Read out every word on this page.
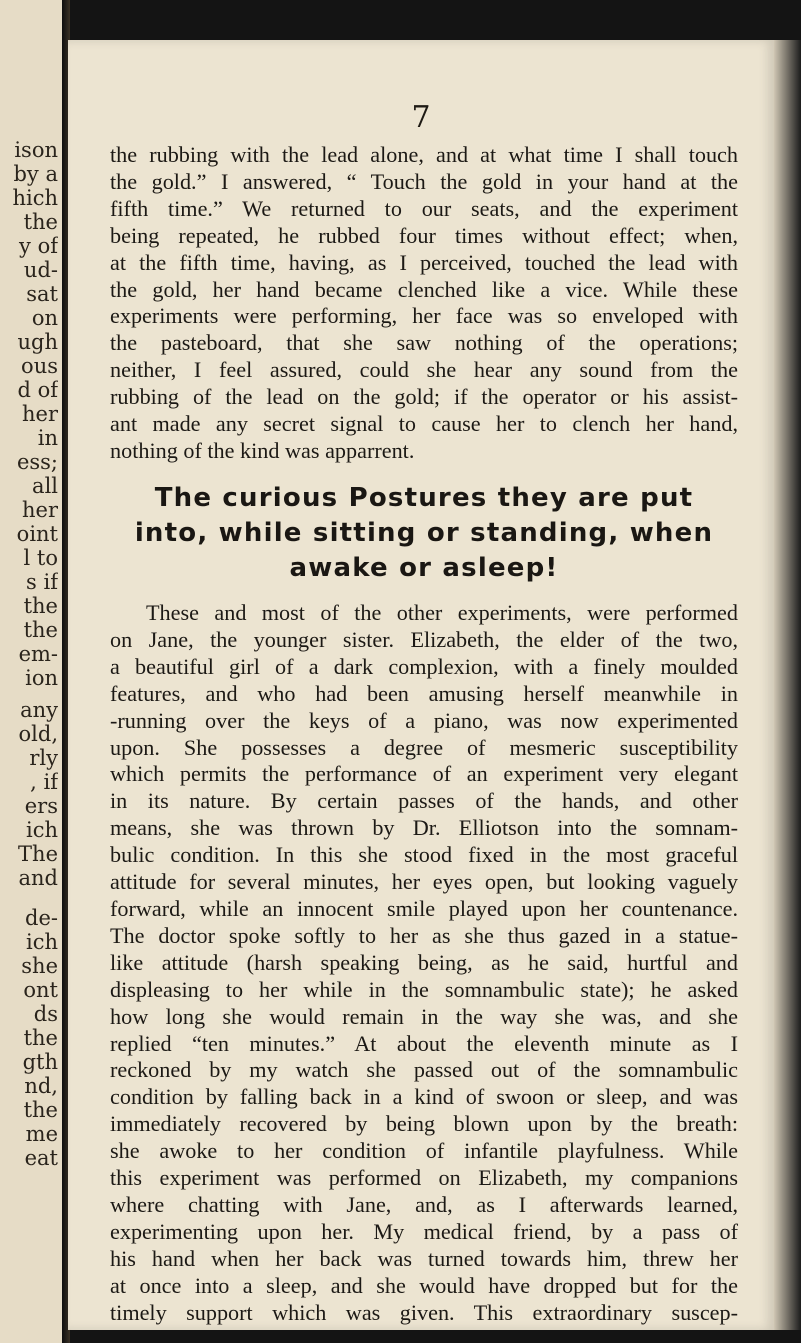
ison
by a
hich
the
y of
ud-
sat
on
ugh
ous
d of
her
in
ess;
all
her
oint
l to
s if
the
the
em-
ion
any
old,
rly
, if
ers
ich
The
and
de-
ich
she
ont
ds
the
gth
nd,
the
me
eat
7
the rubbing with the lead alone, and at what time I shall touch
the gold.” I answered, “ Touch the gold in your hand at the
fifth time.” We returned to our seats, and the experiment
being repeated, he rubbed four times without effect; when,
at the fifth time, having, as I perceived, touched the lead with
the gold, her hand became clenched like a vice. While these
experiments were performing, her face was so enveloped with
the pasteboard, that she saw nothing of the operations;
neither, I feel assured, could she hear any sound from the
rubbing of the lead on the gold; if the operator or his assist-
ant made any secret signal to cause her to clench her hand,
nothing of the kind was apparrent.
The curious Postures they are put
into, while sitting or standing, when
awake or asleep!
These and most of the other experiments, were performed
on Jane, the younger sister. Elizabeth, the elder of the two,
a beautiful girl of a dark complexion, with a finely moulded
features, and who had been amusing herself meanwhile in
-running over the keys of a piano, was now experimented
upon. She possesses a degree of mesmeric susceptibility
which permits the performance of an experiment very elegant
in its nature. By certain passes of the hands, and other
means, she was thrown by Dr. Elliotson into the somnam-
bulic condition. In this she stood fixed in the most graceful
attitude for several minutes, her eyes open, but looking vaguely
forward, while an innocent smile played upon her countenance.
The doctor spoke softly to her as she thus gazed in a statue-
like attitude (harsh speaking being, as he said, hurtful and
displeasing to her while in the somnambulic state); he asked
how long she would remain in the way she was, and she
replied “ten minutes.” At about the eleventh minute as I
reckoned by my watch she passed out of the somnambulic
condition by falling back in a kind of swoon or sleep, and was
immediately recovered by being blown upon by the breath:
she awoke to her condition of infantile playfulness. While
this experiment was performed on Elizabeth, my companions
where chatting with Jane, and, as I afterwards learned,
experimenting upon her. My medical friend, by a pass of
his hand when her back was turned towards him, threw her
at once into a sleep, and she would have dropped but for the
timely support which was given. This extraordinary suscep-
